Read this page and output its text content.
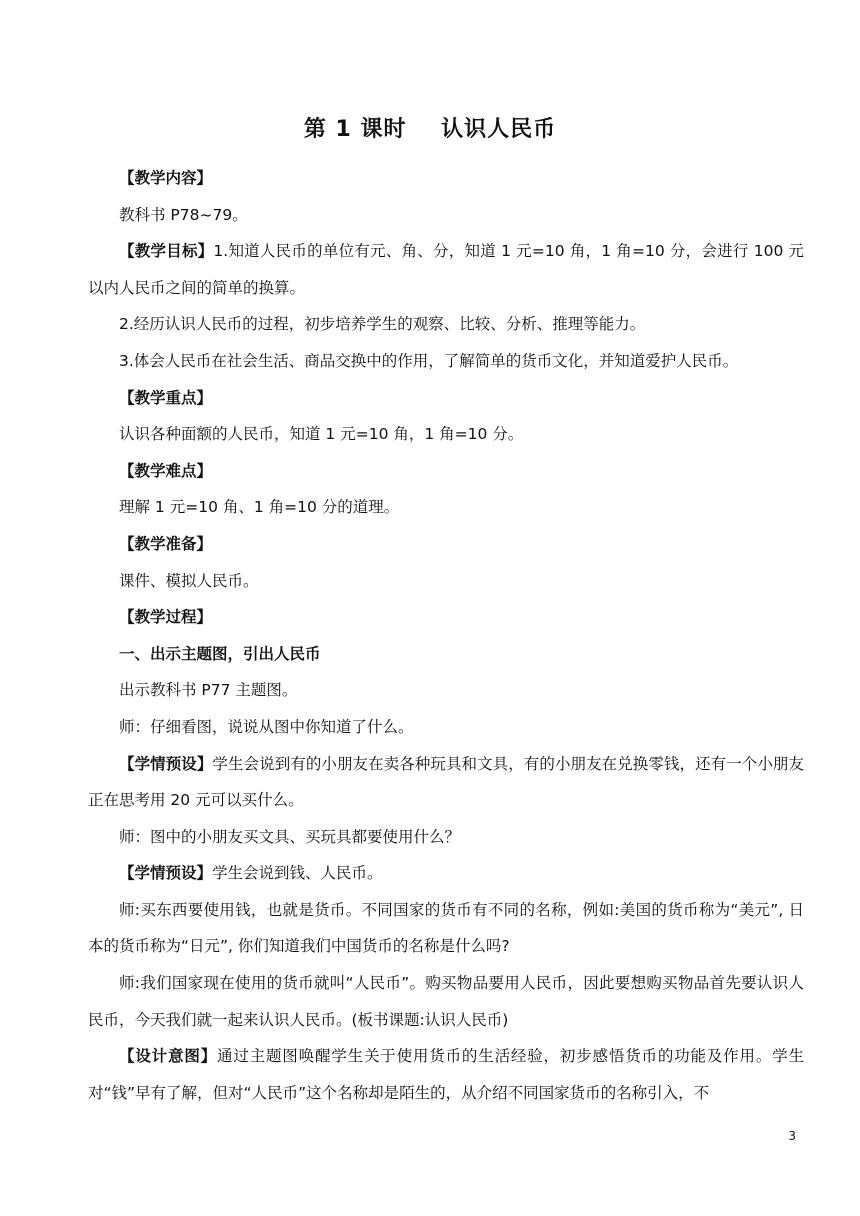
第 1 课时    认识人民币

【教学内容】

教科书 P78~79。

【教学目标】1.知道人民币的单位有元、角、分，知道 1 元=10 角，1 角=10 分，会进行 100 元以内人民币之间的简单的换算。

2.经历认识人民币的过程，初步培养学生的观察、比较、分析、推理等能力。

3.体会人民币在社会生活、商品交换中的作用，了解简单的货币文化，并知道爱护人民币。

【教学重点】

认识各种面额的人民币，知道 1 元=10 角，1 角=10 分。

【教学难点】

理解 1 元=10 角、1 角=10 分的道理。

【教学准备】

课件、模拟人民币。

【教学过程】

一、出示主题图，引出人民币

出示教科书 P77 主题图。

师：仔细看图，说说从图中你知道了什么。

【学情预设】学生会说到有的小朋友在卖各种玩具和文具，有的小朋友在兑换零钱，还有一个小朋友正在思考用 20 元可以买什么。

师：图中的小朋友买文具、买玩具都要使用什么？

【学情预设】学生会说到钱、人民币。

师:买东西要使用钱，也就是货币。不同国家的货币有不同的名称，例如:美国的货币称为“美元”, 日本的货币称为“日元”, 你们知道我们中国货币的名称是什么吗?

师:我们国家现在使用的货币就叫“人民币”。购买物品要用人民币，因此要想购买物品首先要认识人民币，今天我们就一起来认识人民币。(板书课题:认识人民币)

【设计意图】通过主题图唤醒学生关于使用货币的生活经验，初步感悟货币的功能及作用。学生对“钱”早有了解，但对“人民币”这个名称却是陌生的，从介绍不同国家货币的名称引入，不

3
